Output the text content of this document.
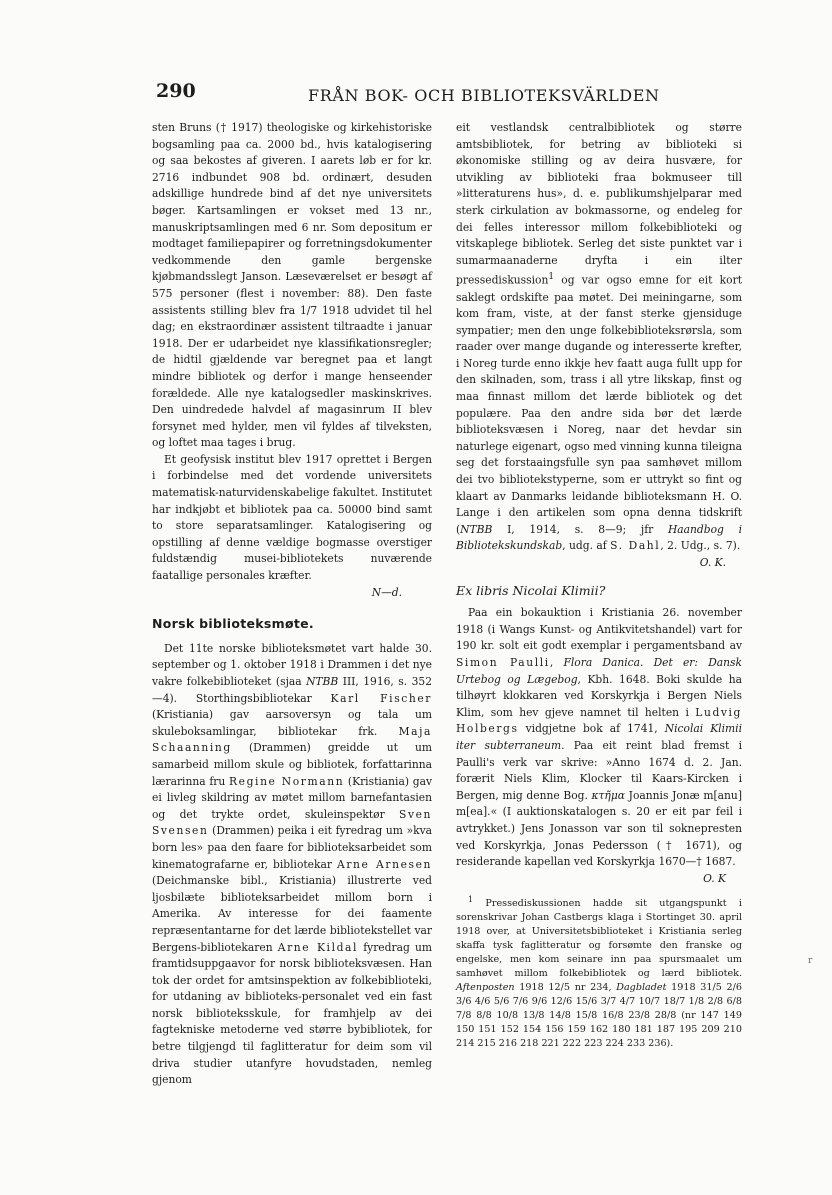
290	FRÅN BOK- OCH BIBLIOTEKSVÄRLDEN

sten Bruns († 1917) theologiske og kirkehistoriske bogsamling paa ca. 2000 bd., hvis katalogisering og saa bekostes af giveren. I aarets løb er for kr. 2716 indbundet 908 bd. ordinært, desuden adskillige hundrede bind af det nye universitets bøger. Kartsamlingen er vokset med 13 nr., manuskriptsamlingen med 6 nr. Som depositum er modtaget familiepapirer og forretningsdokumenter vedkommende den gamle bergenske kjøbmandsslegt Janson. Læseværelset er besøgt af 575 personer (flest i november: 88). Den faste assistents stilling blev fra 1/7 1918 udvidet til hel dag; en ekstraordinær assistent tiltraadte i januar 1918. Der er udarbeidet nye klassifikationsregler; de hidtil gjældende var beregnet paa et langt mindre bibliotek og derfor i mange henseender forældede. Alle nye katalogsedler maskinskrives. Den uindredede halvdel af magasinrum II blev forsynet med hylder, men vil fyldes af tilveksten, og loftet maa tages i brug.

Et geofysisk institut blev 1917 oprettet i Bergen i forbindelse med det vordende universitets matematisk-naturvidenskabelige fakultet. Institutet har indkjøbt et bibliotek paa ca. 50000 bind samt to store separatsamlinger. Katalogisering og opstilling af denne vældige bogmasse overstiger fuldstændig musei-bibliotekets nuværende faatallige personales kræfter.

N—d.

Norsk biblioteksmøte.

Det 11te norske biblioteksmøtet vart halde 30. september og 1. oktober 1918 i Drammen i det nye vakre folkebiblioteket (sjaa NTBB III, 1916, s. 352—4). Storthingsbibliotekar Karl Fischer (Kristiania) gav aarsoversyn og tala um skuleboksamlingar, bibliotekar frk. Maja Schaanning (Drammen) greidde ut um samarbeid millom skule og bibliotek, forfattarinna lærarinna fru Regine Normann (Kristiania) gav ei livleg skildring av møtet millom barnefantasien og det trykte ordet, skuleinspektør Sven Svensen (Drammen) peika i eit fyredrag um »kva born les» paa den faare for biblioteksarbeidet som kinematografarne er, bibliotekar Arne Arnesen (Deichmanske bibl., Kristiania) illustrerte ved ljosbilæte biblioteksarbeidet millom born i Amerika. Av interesse for dei faamente repræsentantarne for det lærde bibliotekstellet var Bergens-bibliotekaren Arne Kildal fyredrag um framtidsuppgaavor for norsk biblioteksvæsen. Han tok der ordet for amtsinspektion av folkebiblioteki, for utdaning av biblioteks-personalet ved ein fast norsk biblioteksskule, for framhjelp av dei fagtekniske metoderne ved større bybibliotek, for betre tilgjengd til faglitteratur for deim som vil driva studier utanfyre hovudstaden, nemleg gjenom

eit vestlandsk centralbibliotek og større amtsbibliotek, for betring av biblioteki si økonomiske stilling og av deira husvære, for utvikling av biblioteki fraa bokmuseer till »litteraturens hus», d. e. publikumshjelparar med sterk cirkulation av bokmassorne, og endeleg for dei felles interessor millom folkebiblioteki og vitskaplege bibliotek. Serleg det siste punktet var i sumarmaanaderne dryfta i ein ilter pressediskussion$^1$ og var ogso emne for eit kort saklegt ordskifte paa møtet. Dei meiningarne, som kom fram, viste, at der fanst sterke gjensiduge sympatier; men den unge folkebiblioteksrørsla, som raader over mange dugande og interesserte krefter, i Noreg turde enno ikkje hev faatt auga fullt upp for den skilnaden, som, trass i all ytre likskap, finst og maa finnast millom det lærde bibliotek og det populære. Paa den andre sida bør det lærde biblioteksvæsen i Noreg, naar det hevdar sin naturlege eigenart, ogso med vinning kunna tileigna seg det forstaaingsfulle syn paa samhøvet millom dei tvo bibliotekstyperne, som er uttrykt so fint og klaart av Danmarks leidande biblioteksmann H. O. Lange i den artikelen som opna denna tidskrift (NTBB I, 1914, s. 8—9; jfr Haandbog i Bibliotekskundskab, udg. af S. Dahl, 2. Udg., s. 7).

O. K.

Ex libris Nicolai Klimii?

Paa ein bokauktion i Kristiania 26. november 1918 (i Wangs Kunst- og Antikvitetshandel) vart for 190 kr. solt eit godt exemplar i pergamentsband av Simon Paulli, Flora Danica. Det er: Dansk Urtebog og Lægebog, Kbh. 1648. Boki skulde ha tilhøyrt klokkaren ved Korskyrkja i Bergen Niels Klim, som hev gjeve namnet til helten i Ludvig Holbergs vidgjetne bok af 1741, Nicolai Klimii iter subterraneum. Paa eit reint blad fremst i Paulli's verk var skrive: »Anno 1674 d. 2. Jan. forærit Niels Klim, Klocker til Kaars-Kircken i Bergen, mig denne Bog. κτῆμα Joannis Jonæ m[anu] m[ea].« (I auktionskatalogen s. 20 er eit par feil i avtrykket.) Jens Jonasson var son til soknepresten ved Korskyrkja, Jonas Pedersson († 1671), og residerande kapellan ved Korskyrkja 1670—† 1687.

O. K

$^1$ Pressediskussionen hadde sit utgangspunkt i sorenskrivar Johan Castbergs klaga i Stortinget 30. april 1918 over, at Universitetsbiblioteket i Kristiania serleg skaffa tysk faglitteratur og forsømte den franske og engelske, men kom seinare inn paa spursmaalet um samhøvet millom folkebibliotek og lærd bibliotek. Aftenposten 1918 12/5 nr 234, Dagbladet 1918 31/5 2/6 3/6 4/6 5/6 7/6 9/6 12/6 15/6 3/7 4/7 10/7 18/7 1/8 2/8 6/8 7/8 8/8 10/8 13/8 14/8 15/8 16/8 23/8 28/8 (nr 147 149 150 151 152 154 156 159 162 180 181 187 195 209 210 214 215 216 218 221 222 223 224 233 236).

r
